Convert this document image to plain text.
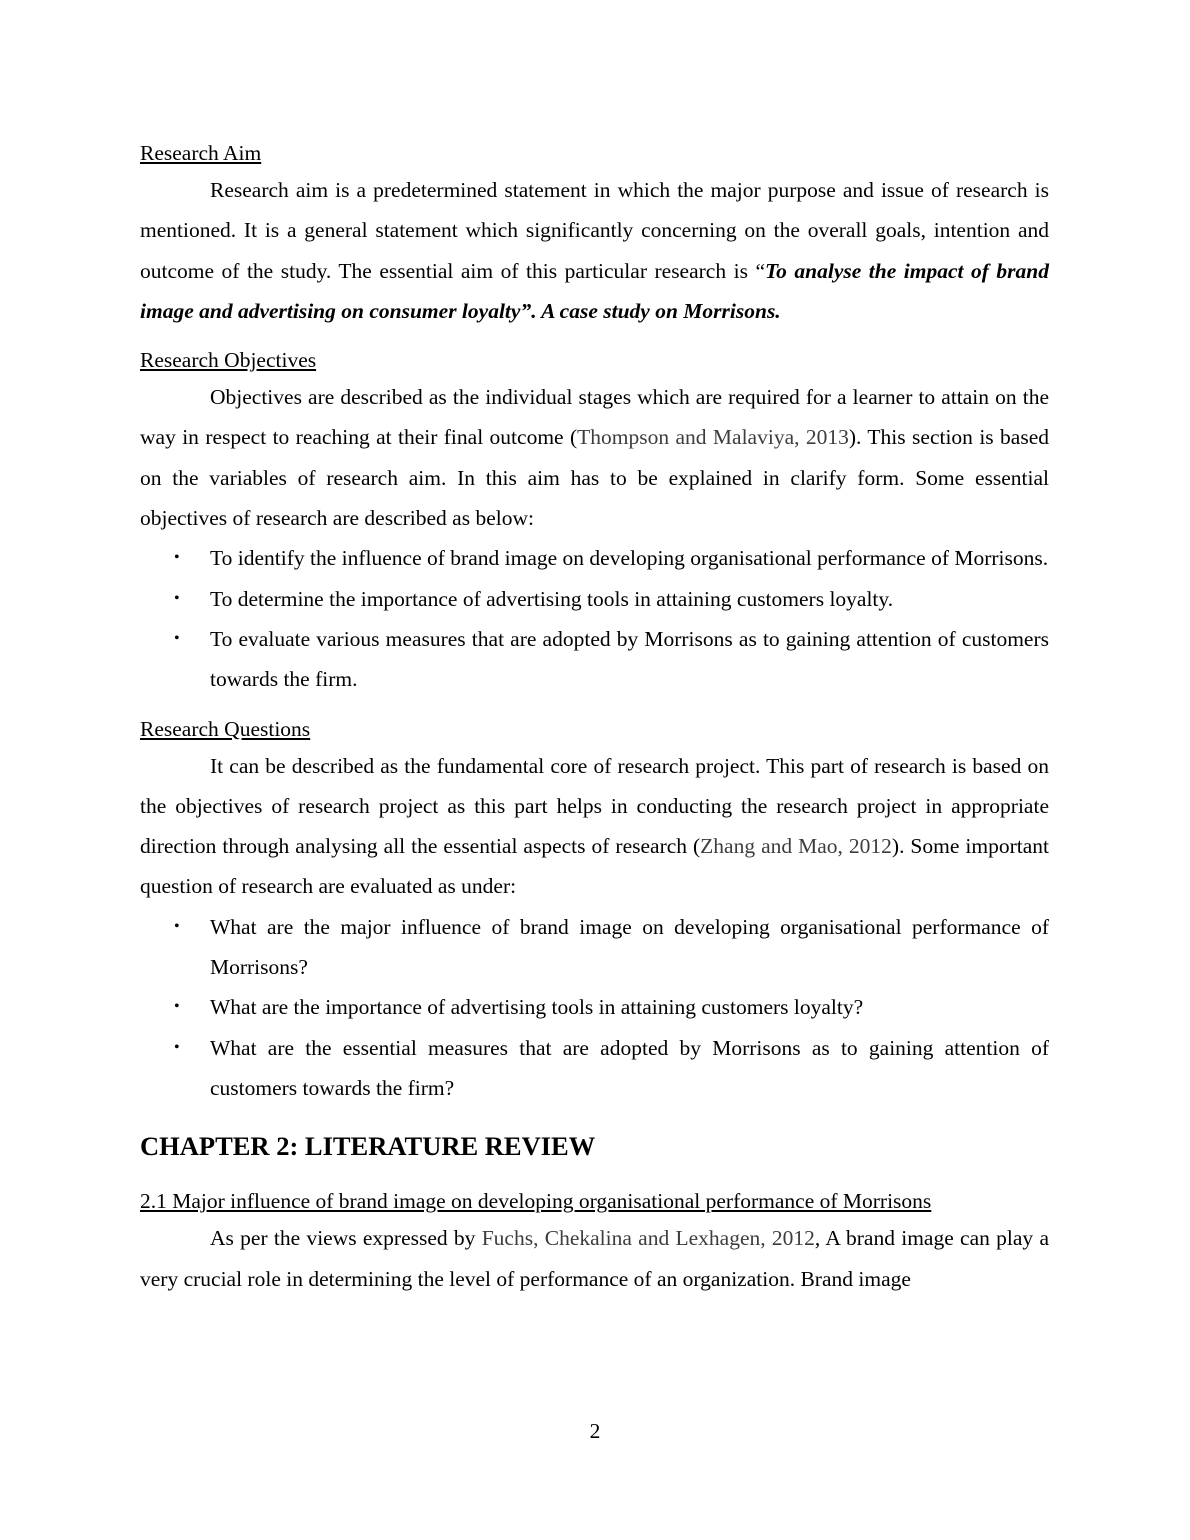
Research Aim

Research aim is a predetermined statement in which the major purpose and issue of research is mentioned. It is a general statement which significantly concerning on the overall goals, intention and outcome of the study. The essential aim of this particular research is “To analyse the impact of brand image and advertising on consumer loyalty”. A case study on Morrisons.

Research Objectives

Objectives are described as the individual stages which are required for a learner to attain on the way in respect to reaching at their final outcome (Thompson and Malaviya, 2013). This section is based on the variables of research aim. In this aim has to be explained in clarify form. Some essential objectives of research are described as below:

• To identify the influence of brand image on developing organisational performance of Morrisons.
• To determine the importance of advertising tools in attaining customers loyalty.
• To evaluate various measures that are adopted by Morrisons as to gaining attention of customers towards the firm.

Research Questions

It can be described as the fundamental core of research project. This part of research is based on the objectives of research project as this part helps in conducting the research project in appropriate direction through analysing all the essential aspects of research (Zhang and Mao, 2012). Some important question of research are evaluated as under:

• What are the major influence of brand image on developing organisational performance of Morrisons?
• What are the importance of advertising tools in attaining customers loyalty?
• What are the essential measures that are adopted by Morrisons as to gaining attention of customers towards the firm?

CHAPTER 2: LITERATURE REVIEW

2.1 Major influence of brand image on developing organisational performance of Morrisons

As per the views expressed by Fuchs, Chekalina and Lexhagen, 2012, A brand image can play a very crucial role in determining the level of performance of an organization. Brand image

2
